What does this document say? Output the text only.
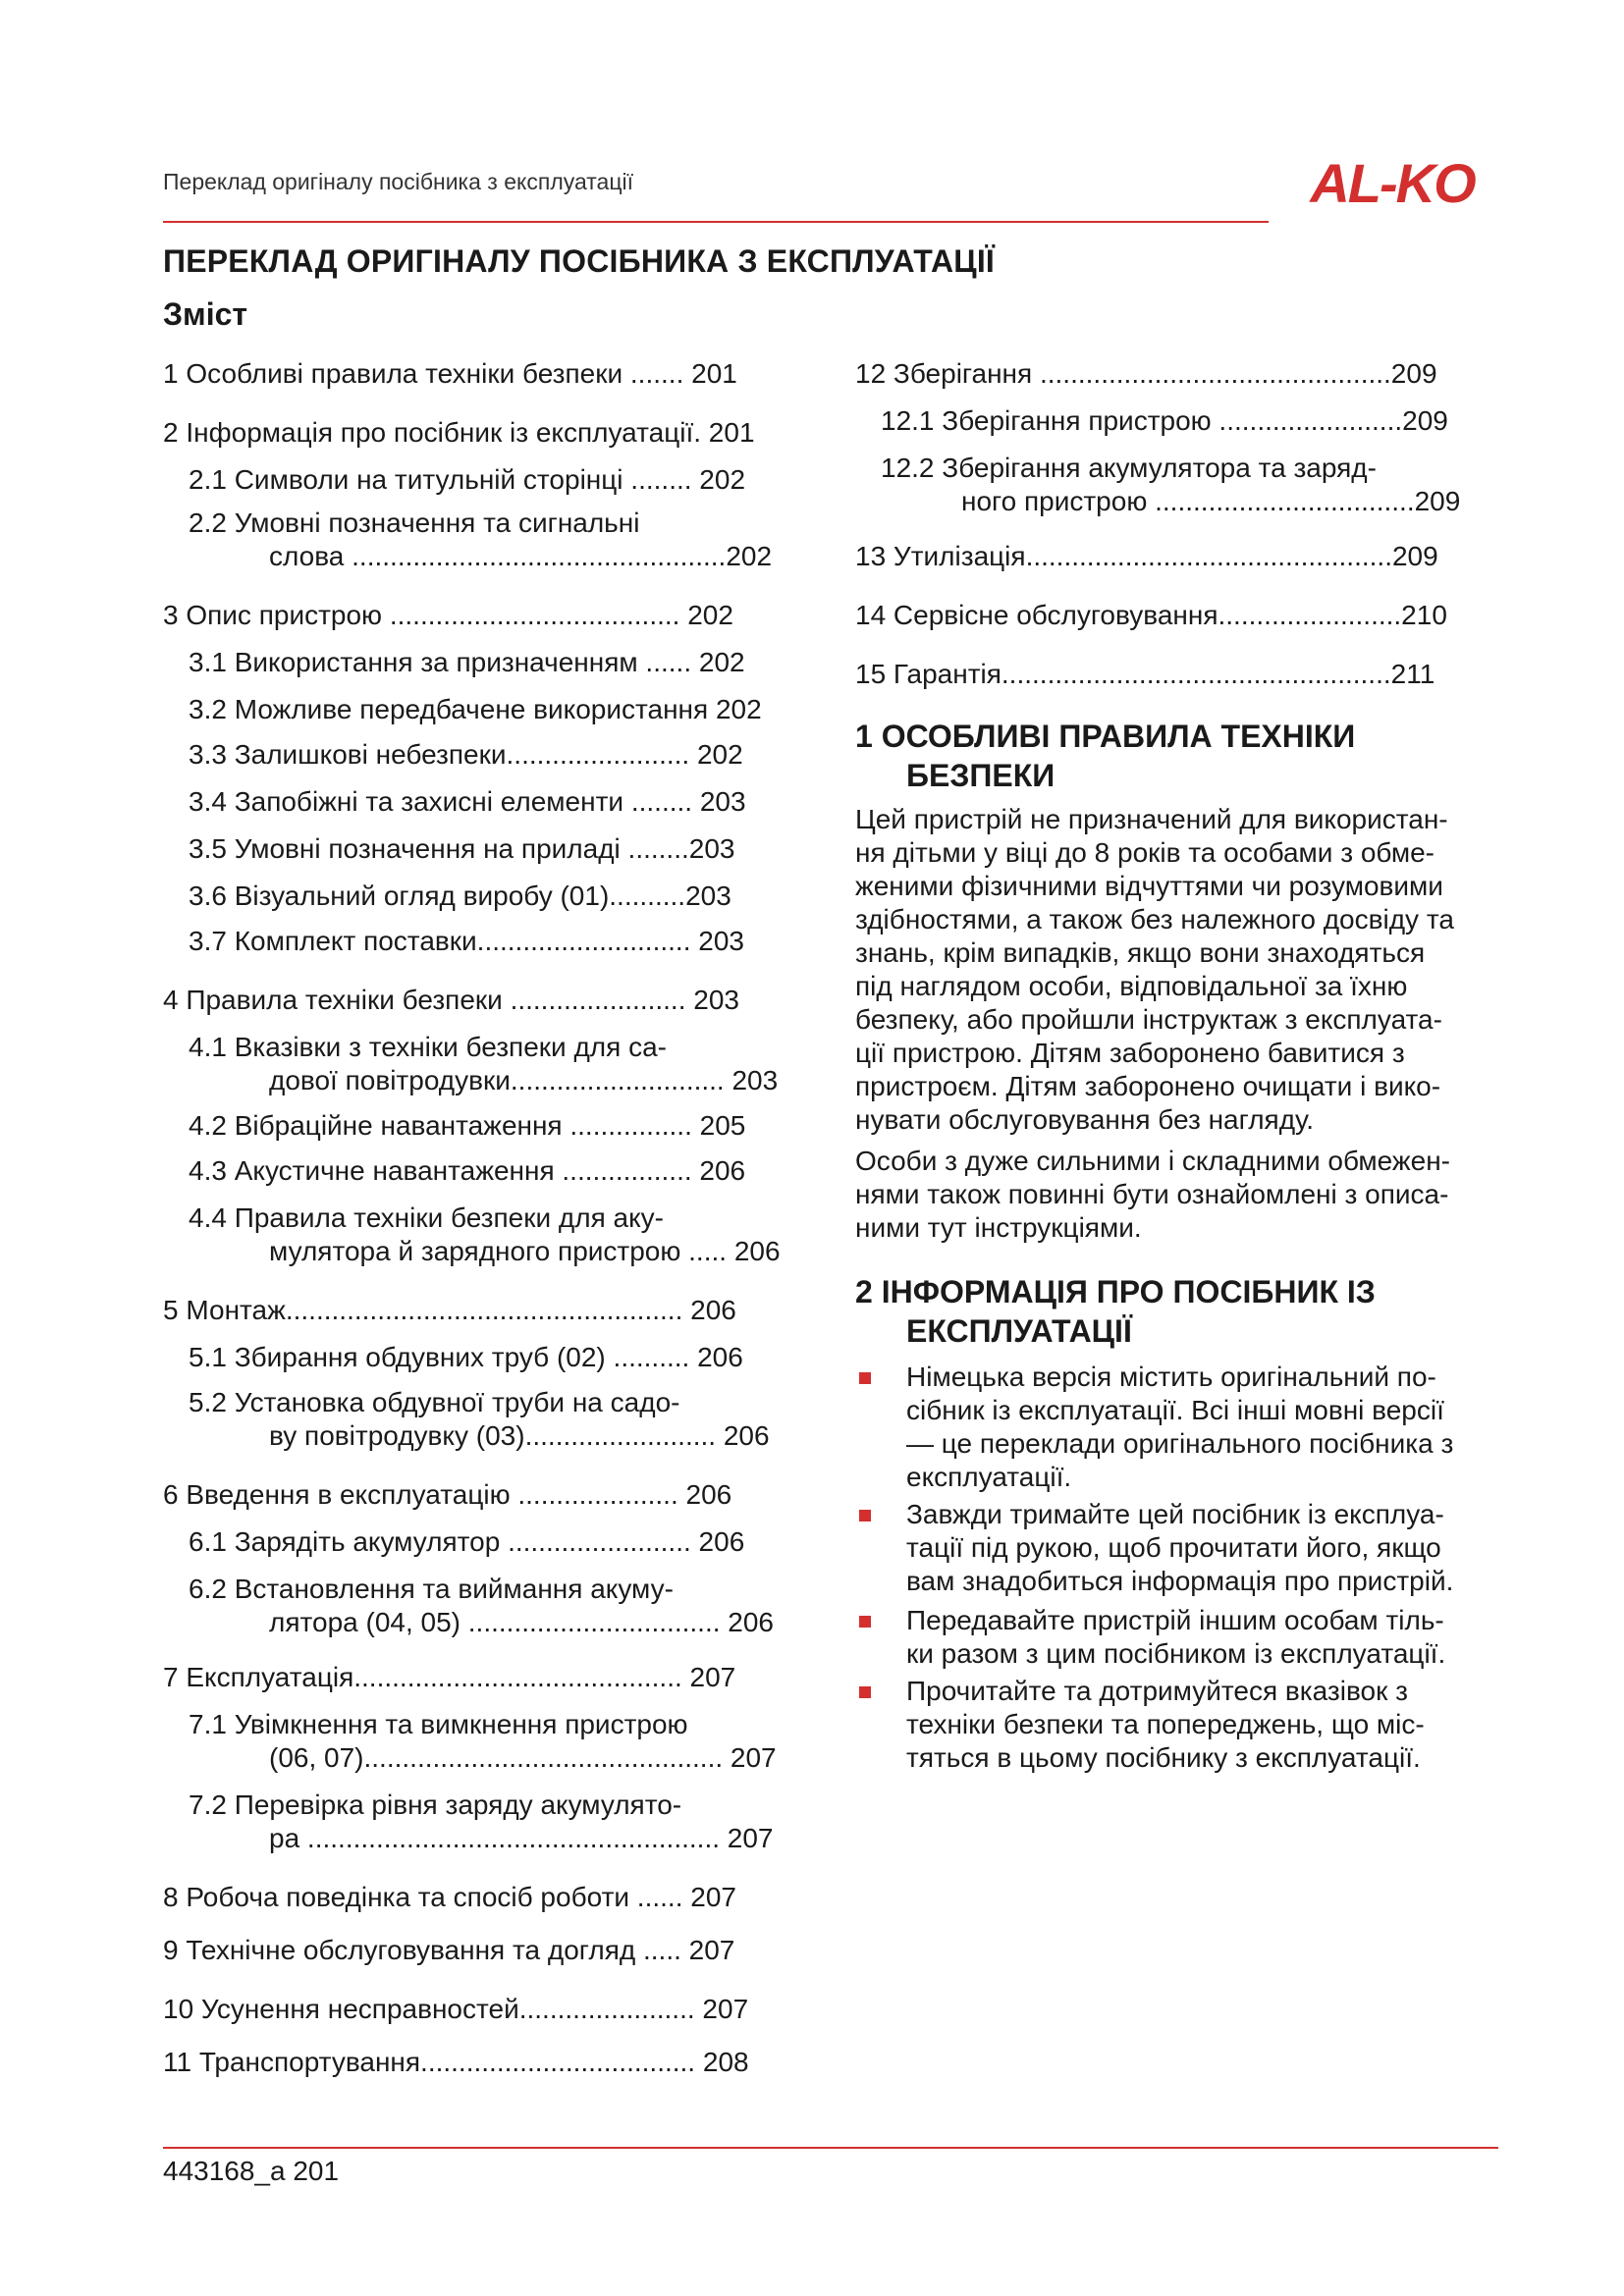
Переклад оригіналу посібника з експлуатації	AL-KO
ПЕРЕКЛАД ОРИГІНАЛУ ПОСІБНИКА З ЕКСПЛУАТАЦІЇ
Зміст
1 Особливі правила техніки безпеки ....... 201
2 Інформація про посібник із експлуатації. 201
2.1 Символи на титульній сторінці ........ 202
2.2 Умовні позначення та сигнальні
слова .................................................202
3 Опис пристрою ...................................... 202
3.1 Використання за призначенням ...... 202
3.2 Можливе передбачене використання 202
3.3 Залишкові небезпеки........................ 202
3.4 Запобіжні та захисні елементи ........ 203
3.5 Умовні позначення на приладі ........203
3.6 Візуальний огляд виробу (01)..........203
3.7 Комплект поставки............................ 203
4 Правила техніки безпеки ....................... 203
4.1 Вказівки з техніки безпеки для са-
дової повітродувки............................ 203
4.2 Вібраційне навантаження ................ 205
4.3 Акустичне навантаження ................. 206
4.4 Правила техніки безпеки для аку-
мулятора й зарядного пристрою ..... 206
5 Монтаж.................................................... 206
5.1 Збирання обдувних труб (02) .......... 206
5.2 Установка обдувної труби на садо-
ву повітродувку (03)......................... 206
6 Введення в експлуатацію ..................... 206
6.1 Зарядіть акумулятор ........................ 206
6.2 Встановлення та виймання акуму-
лятора (04, 05) ................................. 206
7 Експлуатація........................................... 207
7.1 Увімкнення та вимкнення пристрою
(06, 07)............................................... 207
7.2 Перевірка рівня заряду акумулято-
ра ...................................................... 207
8 Робоча поведінка та спосіб роботи ...... 207
9 Технічне обслуговування та догляд ..... 207
10 Усунення несправностей....................... 207
11 Транспортування.................................... 208
12 Зберігання ..............................................209
12.1 Зберігання пристрою ........................209
12.2 Зберігання акумулятора та заряд-
ного пристрою ..................................209
13 Утилізація................................................209
14 Сервісне обслуговування........................210
15 Гарантія...................................................211
1 ОСОБЛИВІ ПРАВИЛА ТЕХНІКИ
БЕЗПЕКИ
Цей пристрій не призначений для використан-
ня дітьми у віці до 8 років та особами з обме-
женими фізичними відчуттями чи розумовими
здібностями, а також без належного досвіду та
знань, крім випадків, якщо вони знаходяться
під наглядом особи, відповідальної за їхню
безпеку, або пройшли інструктаж з експлуата-
ції пристрою. Дітям заборонено бавитися з
пристроєм. Дітям заборонено очищати і вико-
нувати обслуговування без нагляду.
Особи з дуже сильними і складними обмежен-
нями також повинні бути ознайомлені з описа-
ними тут інструкціями.
2 ІНФОРМАЦІЯ ПРО ПОСІБНИК ІЗ
ЕКСПЛУАТАЦІЇ
Німецька версія містить оригінальний по-
сібник із експлуатації. Всі інші мовні версії
— це переклади оригінального посібника з
експлуатації.
Завжди тримайте цей посібник із експлуа-
тації під рукою, щоб прочитати його, якщо
вам знадобиться інформація про пристрій.
Передавайте пристрій іншим особам тіль-
ки разом з цим посібником із експлуатації.
Прочитайте та дотримуйтеся вказівок з
техніки безпеки та попереджень, що міс-
тяться в цьому посібнику з експлуатації.
443168_a 201
